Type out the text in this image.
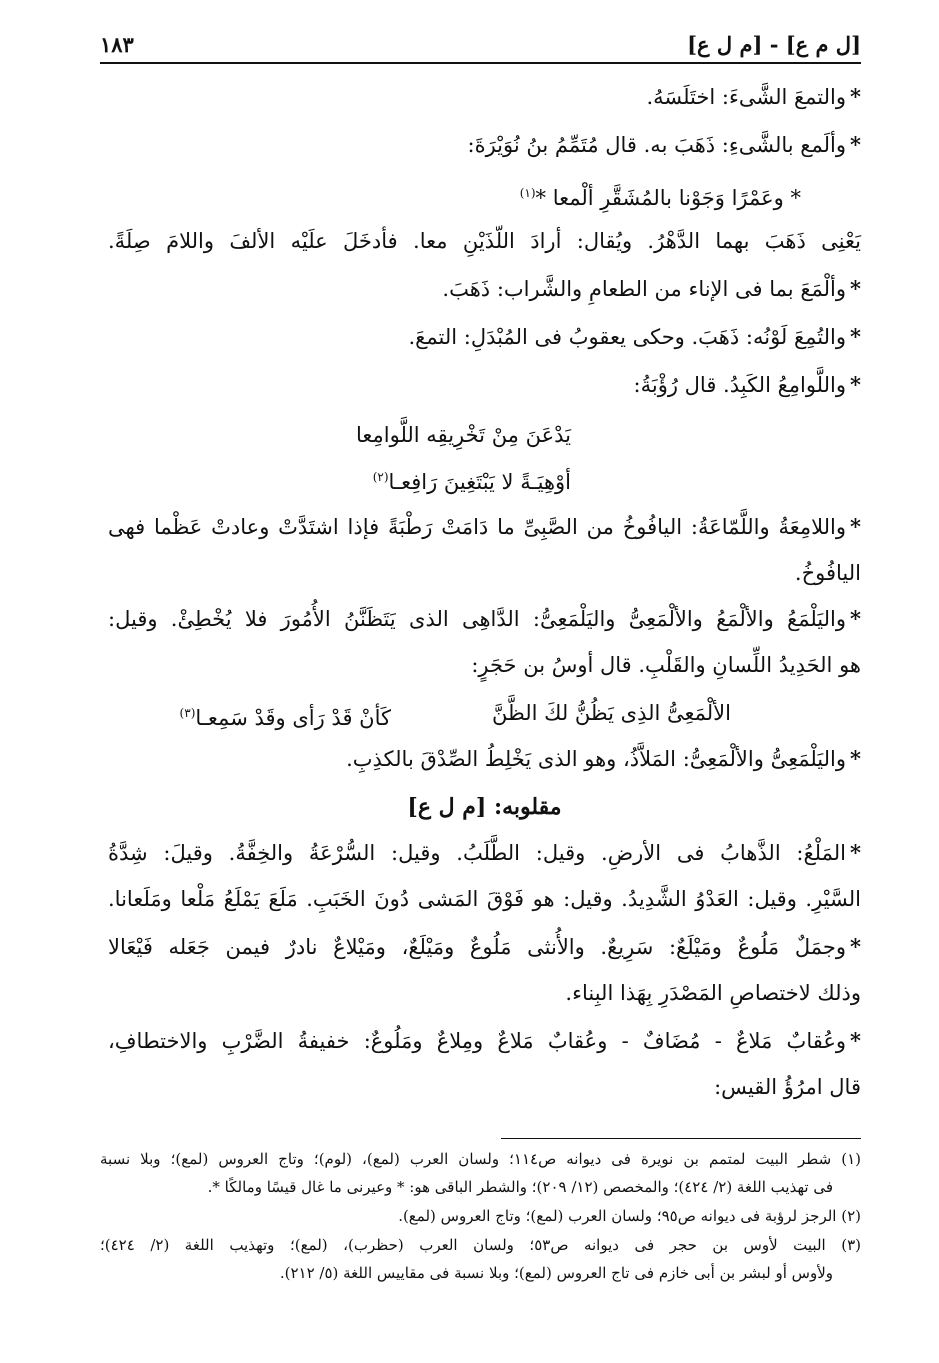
[ل م ع] - [م ل ع]
١٨٣
مقلوبه: [م ل ع]
الألْمَعِىُّ الذِى يَظُنُّ لكَ الظَّنَّ
كَأنْ قَدْ رَأى وقَدْ سَمِعـا$^{(٣)}$
*والتمعَ الشَّىءَ: اختَلَسَهُ.
*وألَمع بالشَّىءِ: ذَهَبَ به. قال مُتَمِّمُ بنُ نُوَيْرَةَ:
* وعَمْرًا وَجَوْنا بالمُشَقَّرِ ألْمعا *$^{(١)}$
يَعْنِى ذَهَبَ بهما الدَّهْرُ. ويُقال: أرادَ اللّذَيْنِ معا. فأدخَلَ علَيْه الألفَ واللامَ صِلَةً.
*وألْمَعَ بما فى الإناء من الطعامِ والشَّراب: ذَهَبَ.
*والتُمِعَ لَوْنُه: ذَهَبَ. وحكى يعقوبُ فى المُبْدَلِ: التمعَ.
*واللَّوامِعُ الكَبِدُ. قال رُؤْبَةُ:
يَدْعَنَ مِنْ تَخْرِيقِه اللَّوامِعا
أوْهِيَـةً لا يَبْتَغِينَ رَافِعـا$^{(٢)}$
*واللامِعَةُ واللَّمّاعَةُ: اليافُوخُ من الصَّبِىِّ ما دَامَتْ رَطْبَةً فإذا اشتَدَّتْ وعادتْ عَظْما فهى
اليافُوخُ.
*واليَلْمَعُ والألْمَعُ والألْمَعِىُّ واليَلْمَعِىُّ: الدَّاهِى الذى يَتَظَنَّنُ الأُمُورَ فلا يُخْطِئْ. وقيل:
هو الحَدِيدُ اللِّسانِ والقَلْبِ. قال أوسُ بن حَجَرٍ:
*واليَلْمَعِىُّ والألْمَعِىُّ: المَلاَّذُ، وهو الذى يَخْلِطُ الصِّدْقَ بالكذِبِ.
*المَلْعُ: الذَّهابُ فى الأرضِ. وقيل: الطَّلَبُ. وقيل: السُّرْعَةُ والخِفَّةُ. وقيلَ: شِدَّةُ
السَّيْرِ. وقيل: العَدْوُ الشَّدِيدُ. وقيل: هو فَوْقَ المَشى دُونَ الخَبَبِ. مَلَعَ يَمْلَعُ مَلْعا ومَلَعانا.
*وجمَلٌ مَلُوعٌ ومَيْلَعٌ: سَرِيعٌ. والأُنثى مَلُوعٌ ومَيْلَعٌ، ومَيْلاعٌ نادرٌ فيمن جَعَله فَيْعَالا
وذلك لاختصاصِ المَصْدَرِ بِهَذا البِناء.
*وعُقابٌ مَلاعٌ - مُضَافٌ - وعُقابٌ مَلاعٌ ومِلاعٌ ومَلُوعٌ: خفيفةُ الضَّرْبِ والاختطافِ،
قال امرُؤُ القيس:
(١) شطر البيت لمتمم بن نويرة فى ديوانه ص١١٤؛ ولسان العرب (لمع)، (لوم)؛ وتاج العروس (لمع)؛ وبلا نسبة
فى تهذيب اللغة (٢/ ٤٢٤)؛ والمخصص (١٢/ ٢٠٩)؛ والشطر الباقى هو: * وعيرنى ما غال قيسًا ومالكًا *.
(٢) الرجز لرؤبة فى ديوانه ص٩٥؛ ولسان العرب (لمع)؛ وتاج العروس (لمع).
(٣) البيت لأوس بن حجر فى ديوانه ص٥٣؛ ولسان العرب (حظرب)، (لمع)؛ وتهذيب اللغة (٢/ ٤٢٤)؛
ولأوس أو لبشر بن أبى خازم فى تاج العروس (لمع)؛ وبلا نسبة فى مقاييس اللغة (٥/ ٢١٢).
